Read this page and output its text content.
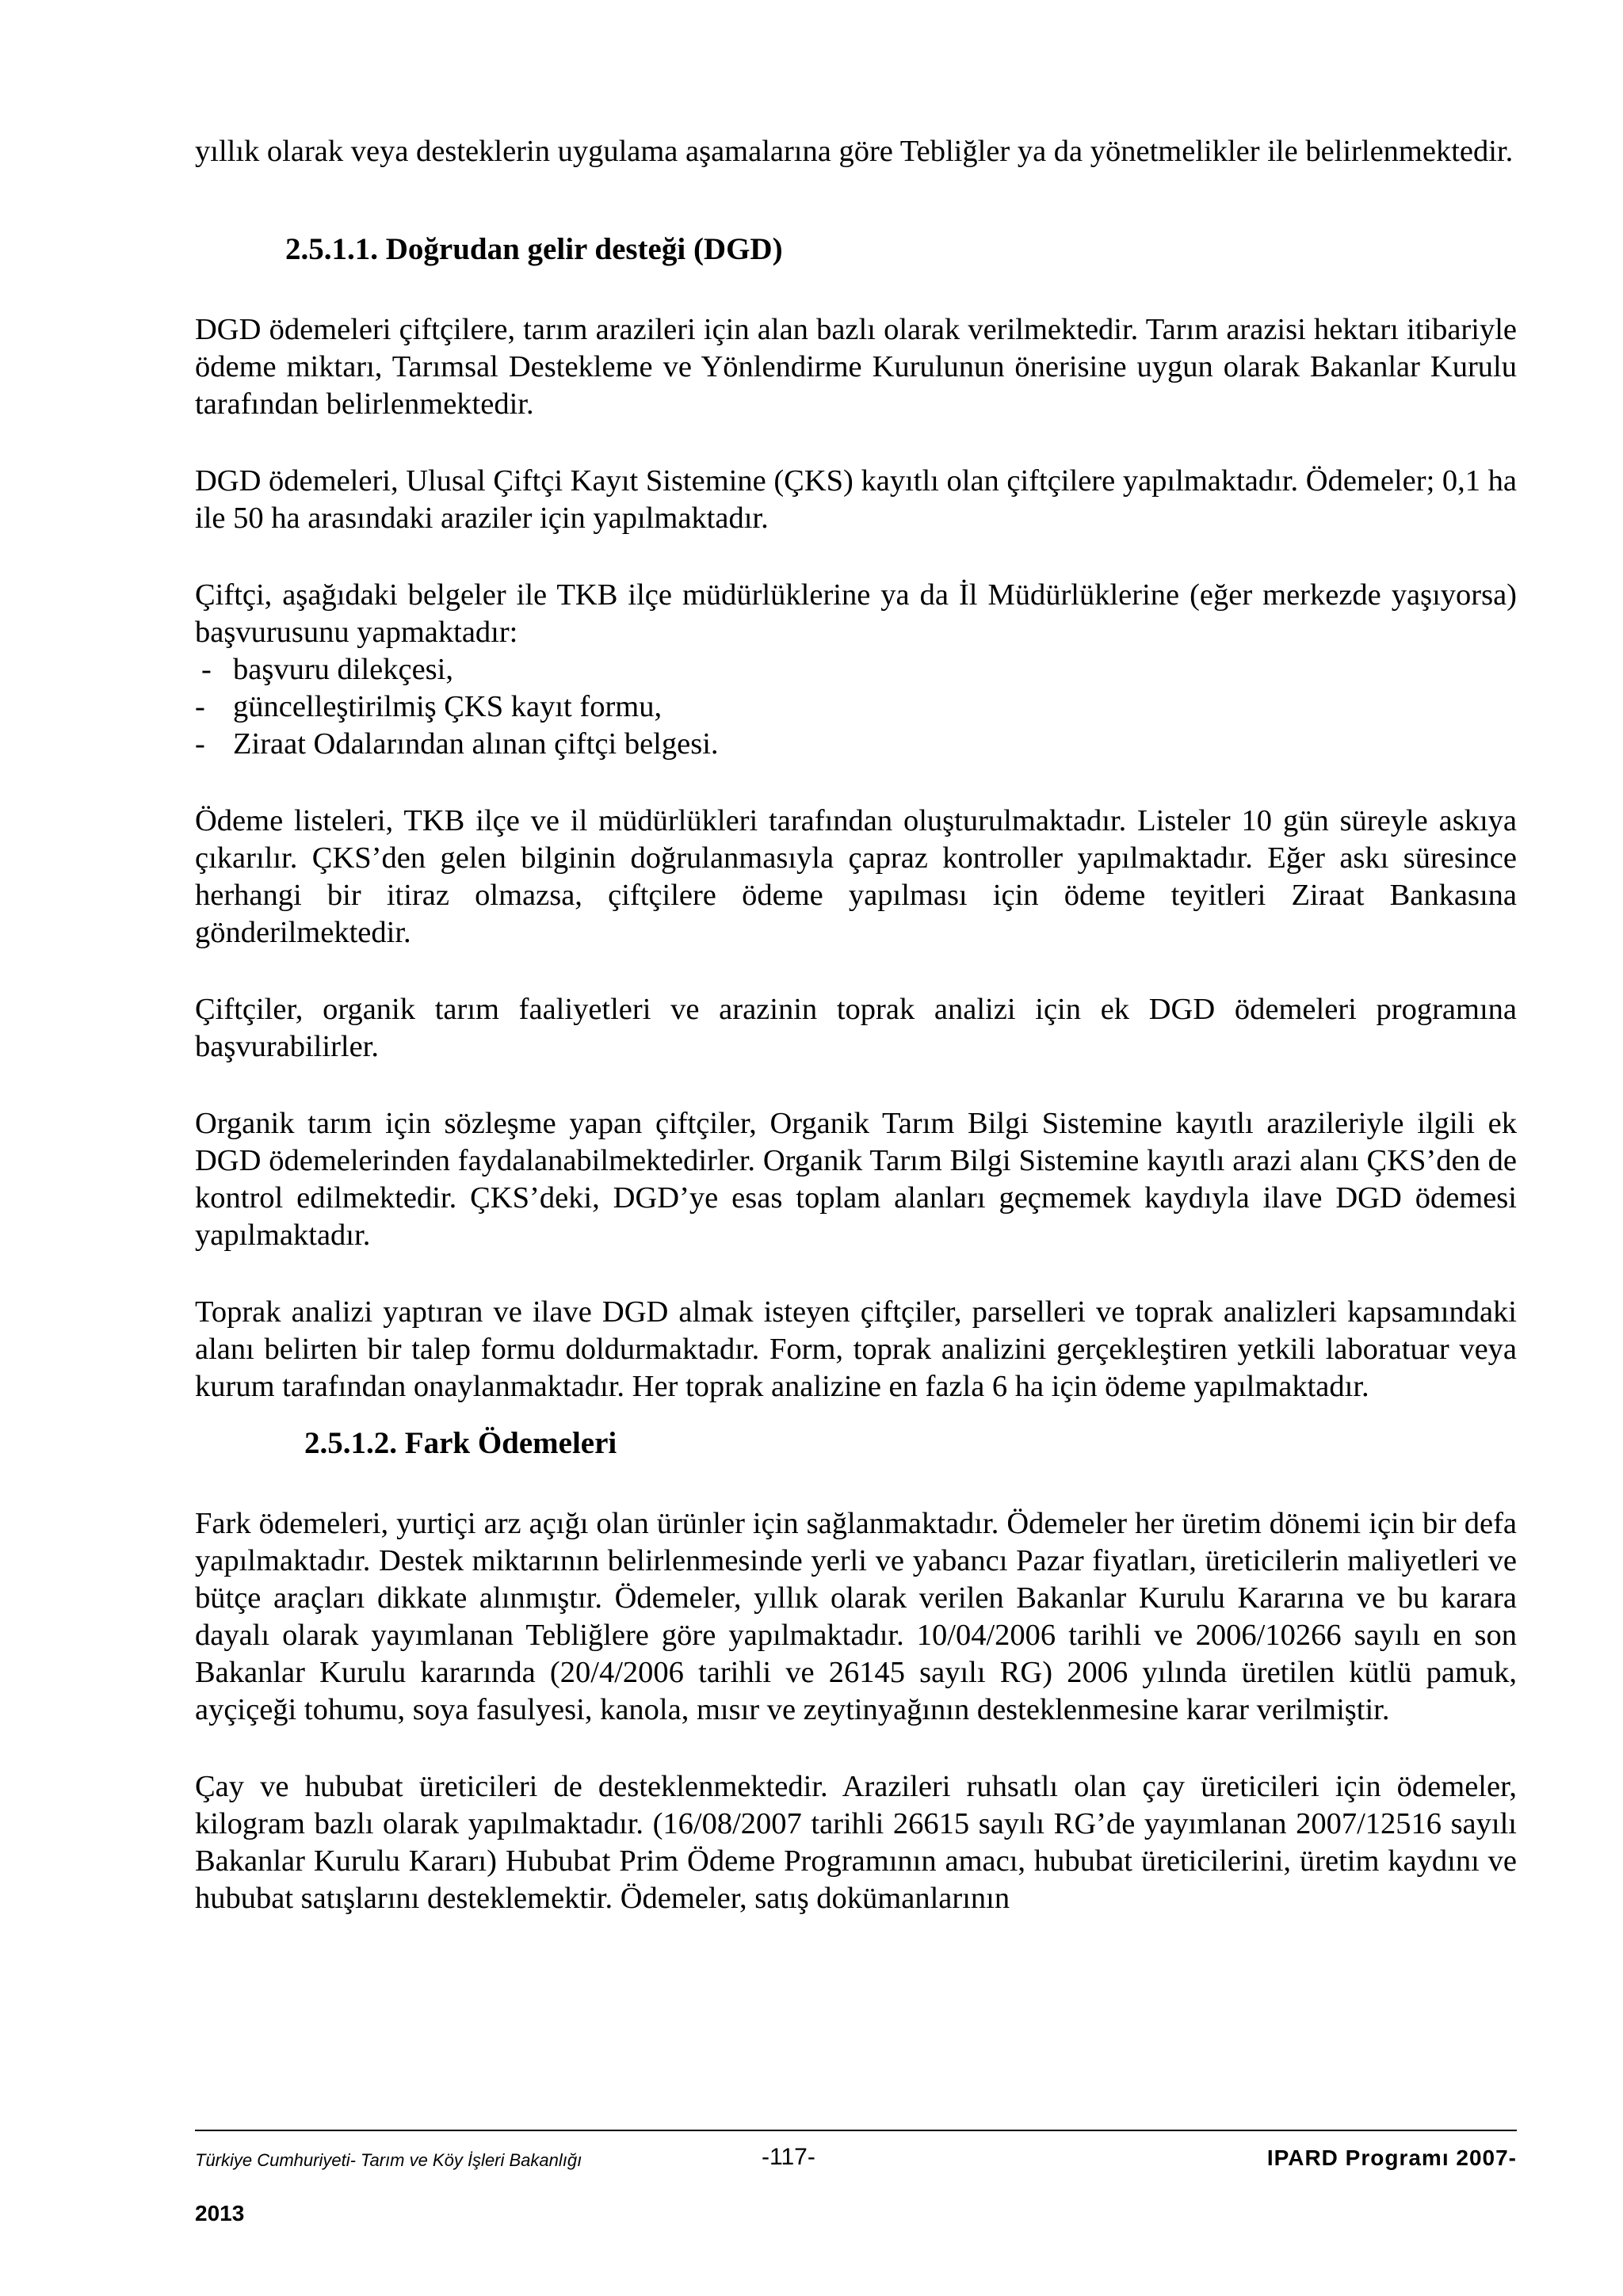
yıllık olarak veya desteklerin uygulama aşamalarına göre Tebliğler ya da yönetmelikler ile belirlenmektedir.

2.5.1.1. Doğrudan gelir desteği (DGD)

DGD ödemeleri çiftçilere, tarım arazileri için alan bazlı olarak verilmektedir. Tarım arazisi hektarı itibariyle ödeme miktarı, Tarımsal Destekleme ve Yönlendirme Kurulunun önerisine uygun olarak Bakanlar Kurulu tarafından belirlenmektedir.

DGD ödemeleri, Ulusal Çiftçi Kayıt Sistemine (ÇKS) kayıtlı olan çiftçilere yapılmaktadır. Ödemeler; 0,1 ha ile 50 ha arasındaki araziler için yapılmaktadır.

Çiftçi, aşağıdaki belgeler ile TKB ilçe müdürlüklerine ya da İl Müdürlüklerine (eğer merkezde yaşıyorsa) başvurusunu yapmaktadır:

- başvuru dilekçesi,
- güncelleştirilmiş ÇKS kayıt formu,
- Ziraat Odalarından alınan çiftçi belgesi.

Ödeme listeleri, TKB ilçe ve il müdürlükleri tarafından oluşturulmaktadır. Listeler 10 gün süreyle askıya çıkarılır. ÇKS’den gelen bilginin doğrulanmasıyla çapraz kontroller yapılmaktadır. Eğer askı süresince herhangi bir itiraz olmazsa, çiftçilere ödeme yapılması için ödeme teyitleri Ziraat Bankasına gönderilmektedir.

Çiftçiler, organik tarım faaliyetleri ve arazinin toprak analizi için ek DGD ödemeleri programına başvurabilirler.

Organik tarım için sözleşme yapan çiftçiler, Organik Tarım Bilgi Sistemine kayıtlı arazileriyle ilgili ek DGD ödemelerinden faydalanabilmektedirler. Organik Tarım Bilgi Sistemine kayıtlı arazi alanı ÇKS’den de kontrol edilmektedir. ÇKS’deki, DGD’ye esas toplam alanları geçmemek kaydıyla ilave DGD ödemesi yapılmaktadır.

Toprak analizi yaptıran ve ilave DGD almak isteyen çiftçiler, parselleri ve toprak analizleri kapsamındaki alanı belirten bir talep formu doldurmaktadır. Form, toprak analizini gerçekleştiren yetkili laboratuar veya kurum tarafından onaylanmaktadır. Her toprak analizine en fazla 6 ha için ödeme yapılmaktadır.

2.5.1.2. Fark Ödemeleri

Fark ödemeleri, yurtiçi arz açığı olan ürünler için sağlanmaktadır. Ödemeler her üretim dönemi için bir defa yapılmaktadır. Destek miktarının belirlenmesinde yerli ve yabancı Pazar fiyatları, üreticilerin maliyetleri ve bütçe araçları dikkate alınmıştır. Ödemeler, yıllık olarak verilen Bakanlar Kurulu Kararına ve bu karara dayalı olarak yayımlanan Tebliğlere göre yapılmaktadır. 10/04/2006 tarihli ve 2006/10266 sayılı en son Bakanlar Kurulu kararında (20/4/2006 tarihli ve 26145 sayılı RG) 2006 yılında üretilen kütlü pamuk, ayçiçeği tohumu, soya fasulyesi, kanola, mısır ve zeytinyağının desteklenmesine karar verilmiştir.

Çay ve hububat üreticileri de desteklenmektedir. Arazileri ruhsatlı olan çay üreticileri için ödemeler, kilogram bazlı olarak yapılmaktadır. (16/08/2007 tarihli 26615 sayılı RG’de yayımlanan 2007/12516 sayılı Bakanlar Kurulu Kararı) Hububat Prim Ödeme Programının amacı, hububat üreticilerini, üretim kaydını ve hububat satışlarını desteklemektir. Ödemeler, satış dokümanlarının

Türkiye Cumhuriyeti- Tarım ve Köy İşleri Bakanlığı	-117-	IPARD Programı 2007-
2013
